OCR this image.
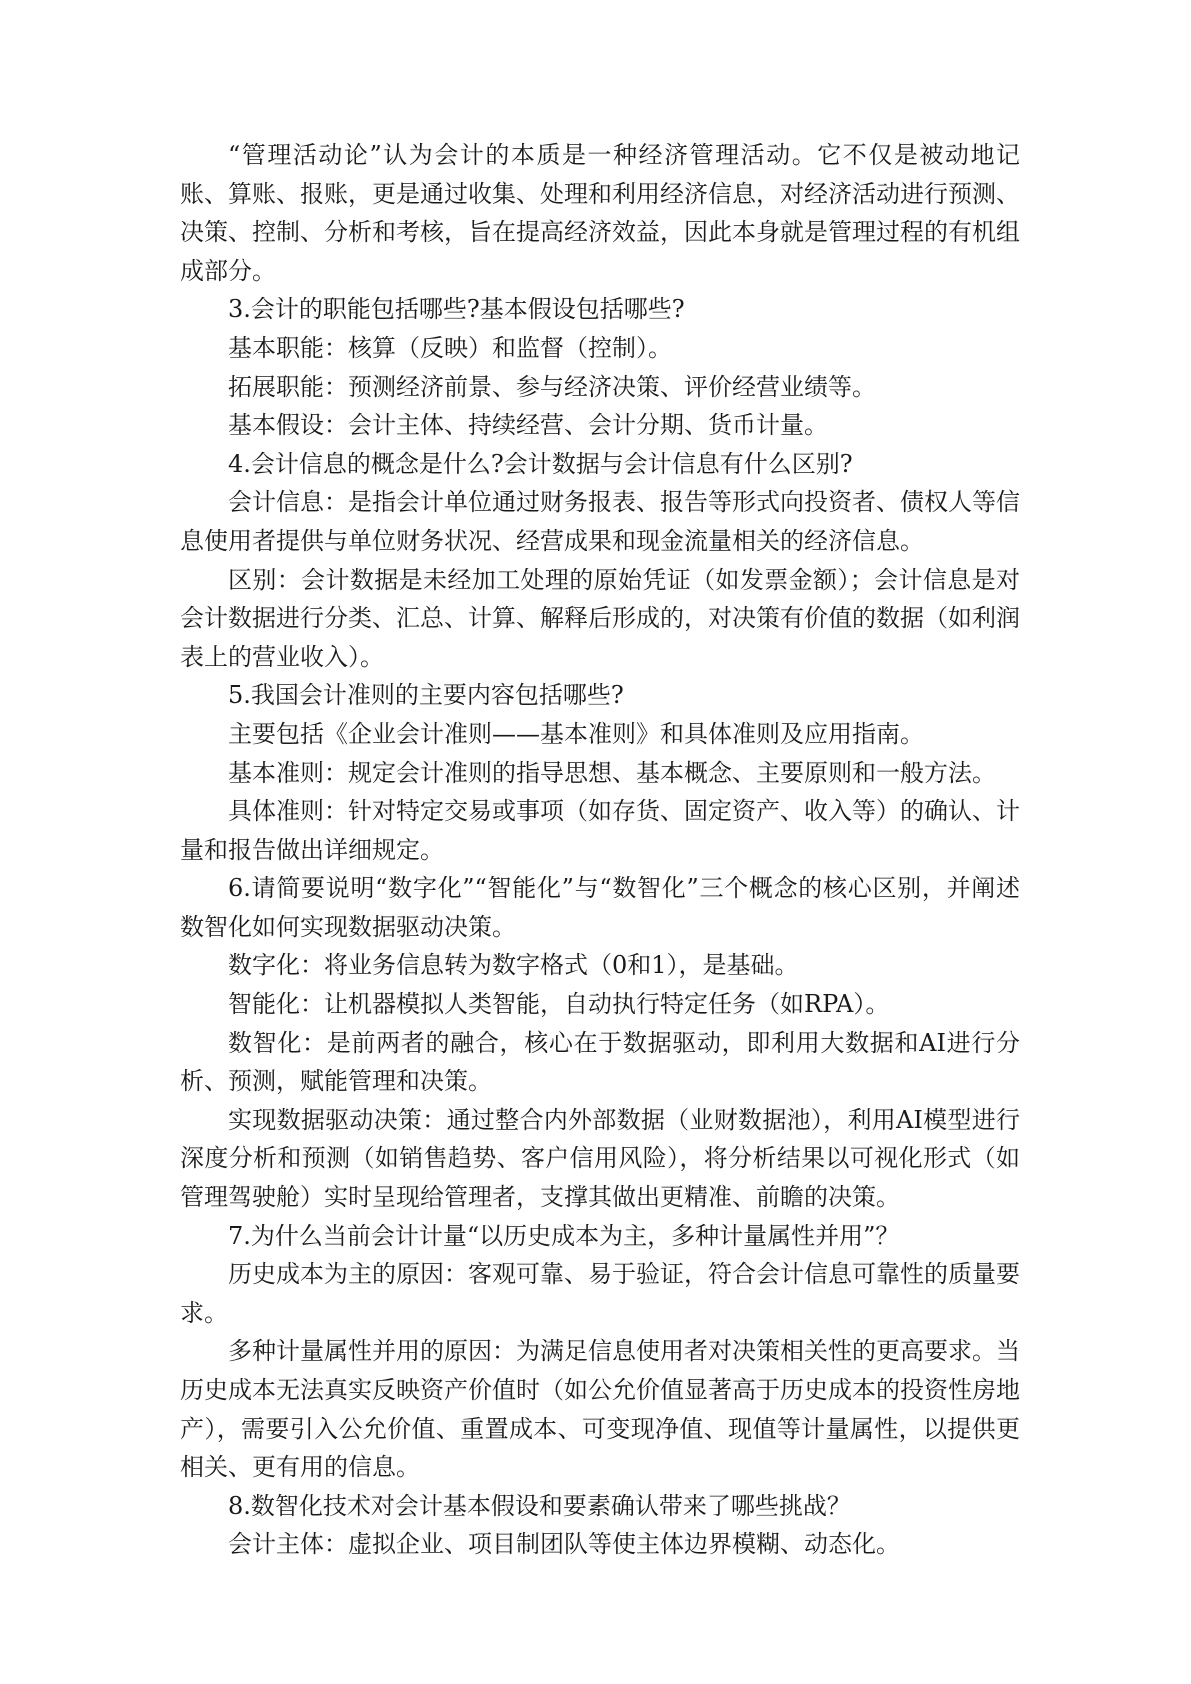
“管理活动论”认为会计的本质是一种经济管理活动。它不仅是被动地记账、算账、报账，更是通过收集、处理和利用经济信息，对经济活动进行预测、决策、控制、分析和考核，旨在提高经济效益，因此本身就是管理过程的有机组成部分。

3.会计的职能包括哪些?基本假设包括哪些?

基本职能：核算（反映）和监督（控制）。

拓展职能：预测经济前景、参与经济决策、评价经营业绩等。

基本假设：会计主体、持续经营、会计分期、货币计量。

4.会计信息的概念是什么?会计数据与会计信息有什么区别?

会计信息：是指会计单位通过财务报表、报告等形式向投资者、债权人等信息使用者提供与单位财务状况、经营成果和现金流量相关的经济信息。

区别：会计数据是未经加工处理的原始凭证（如发票金额）；会计信息是对会计数据进行分类、汇总、计算、解释后形成的，对决策有价值的数据（如利润表上的营业收入）。

5.我国会计准则的主要内容包括哪些?

主要包括《企业会计准则——基本准则》和具体准则及应用指南。

基本准则：规定会计准则的指导思想、基本概念、主要原则和一般方法。

具体准则：针对特定交易或事项（如存货、固定资产、收入等）的确认、计量和报告做出详细规定。

6.请简要说明“数字化”“智能化”与“数智化”三个概念的核心区别，并阐述数智化如何实现数据驱动决策。

数字化：将业务信息转为数字格式（0和1），是基础。

智能化：让机器模拟人类智能，自动执行特定任务（如RPA）。

数智化：是前两者的融合，核心在于数据驱动，即利用大数据和AI进行分析、预测，赋能管理和决策。

实现数据驱动决策：通过整合内外部数据（业财数据池），利用AI模型进行深度分析和预测（如销售趋势、客户信用风险），将分析结果以可视化形式（如管理驾驶舱）实时呈现给管理者，支撑其做出更精准、前瞻的决策。

7.为什么当前会计计量“以历史成本为主，多种计量属性并用”？

历史成本为主的原因：客观可靠、易于验证，符合会计信息可靠性的质量要求。

多种计量属性并用的原因：为满足信息使用者对决策相关性的更高要求。当历史成本无法真实反映资产价值时（如公允价值显著高于历史成本的投资性房地产），需要引入公允价值、重置成本、可变现净值、现值等计量属性，以提供更相关、更有用的信息。

8.数智化技术对会计基本假设和要素确认带来了哪些挑战？

会计主体：虚拟企业、项目制团队等使主体边界模糊、动态化。
